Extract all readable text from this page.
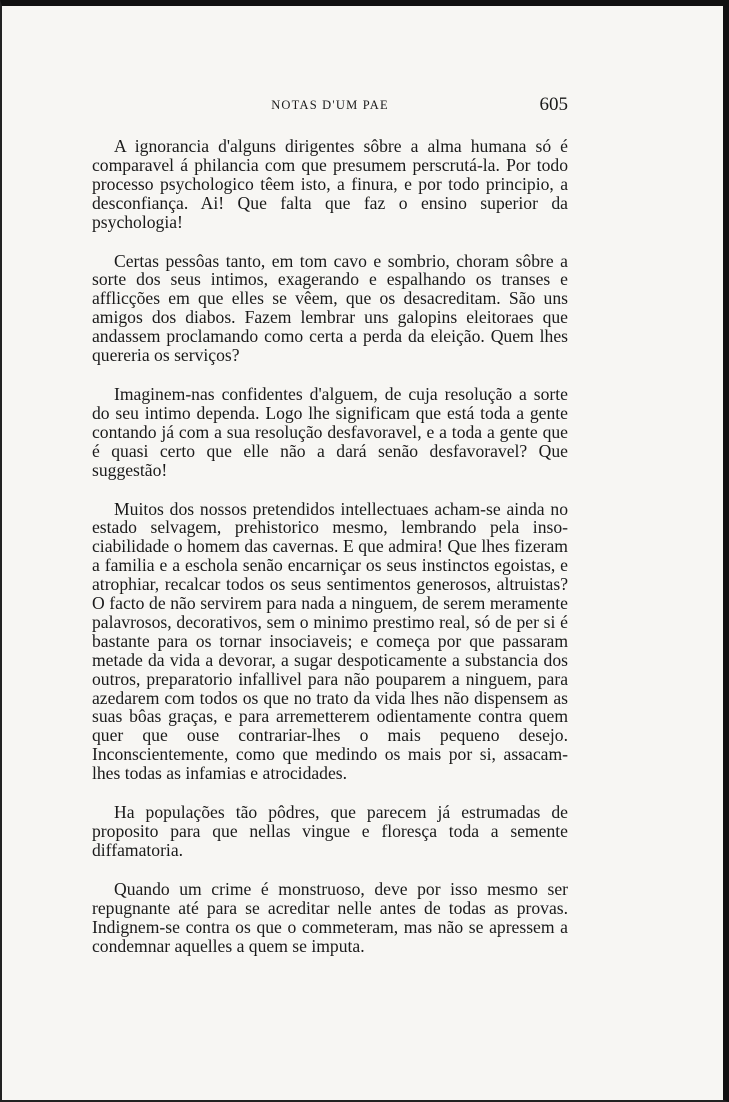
NOTAS D'UM PAE	605

A ignorancia d'alguns dirigentes sôbre a alma humana só é comparavel á philancia com que presumem perscrutá-la. Por todo processo psychologico têem isto, a finura, e por todo principio, a desconfiança. Ai! Que falta que faz o ensino superior da psychologia!

Certas pessôas tanto, em tom cavo e sombrio, choram sôbre a sorte dos seus intimos, exagerando e espalhando os transes e afflicções em que elles se vêem, que os desacreditam. São uns amigos dos diabos. Fazem lembrar uns galopins eleitoraes que andassem proclamando como certa a perda da eleição. Quem lhes quereria os serviços?

Imaginem-nas confidentes d'alguem, de cuja resolução a sorte do seu intimo dependa. Logo lhe significam que está toda a gente contando já com a sua resolução desfavoravel, e a toda a gente que é quasi certo que elle não a dará senão desfavoravel? Que suggestão!

Muitos dos nossos pretendidos intellectuaes acham-se ainda no estado selvagem, prehistorico mesmo, lembrando pela insociabilidade o homem das cavernas. E que admira! Que lhes fizeram a familia e a eschola senão encarniçar os seus instinctos egoistas, e atrophiar, recalcar todos os seus sentimentos generosos, altruistas? O facto de não servirem para nada a ninguem, de serem meramente palavrosos, decorativos, sem o minimo prestimo real, só de per si é bastante para os tornar insociaveis; e começa por que passaram metade da vida a devorar, a sugar despoticamente a substancia dos outros, preparatorio infallivel para não pouparem a ninguem, para azedarem com todos os que no trato da vida lhes não dispensem as suas bôas graças, e para arremetterem odientamente contra quem quer que ouse contrariar-lhes o mais pequeno desejo. Inconscientemente, como que medindo os mais por si, assacam-lhes todas as infamias e atrocidades.

Ha populações tão pôdres, que parecem já estrumadas de proposito para que nellas vingue e floresça toda a semente diffamatoria.

Quando um crime é monstruoso, deve por isso mesmo ser repugnante até para se acreditar nelle antes de todas as provas. Indignem-se contra os que o commeteram, mas não se apressem a condemnar aquelles a quem se imputa.
